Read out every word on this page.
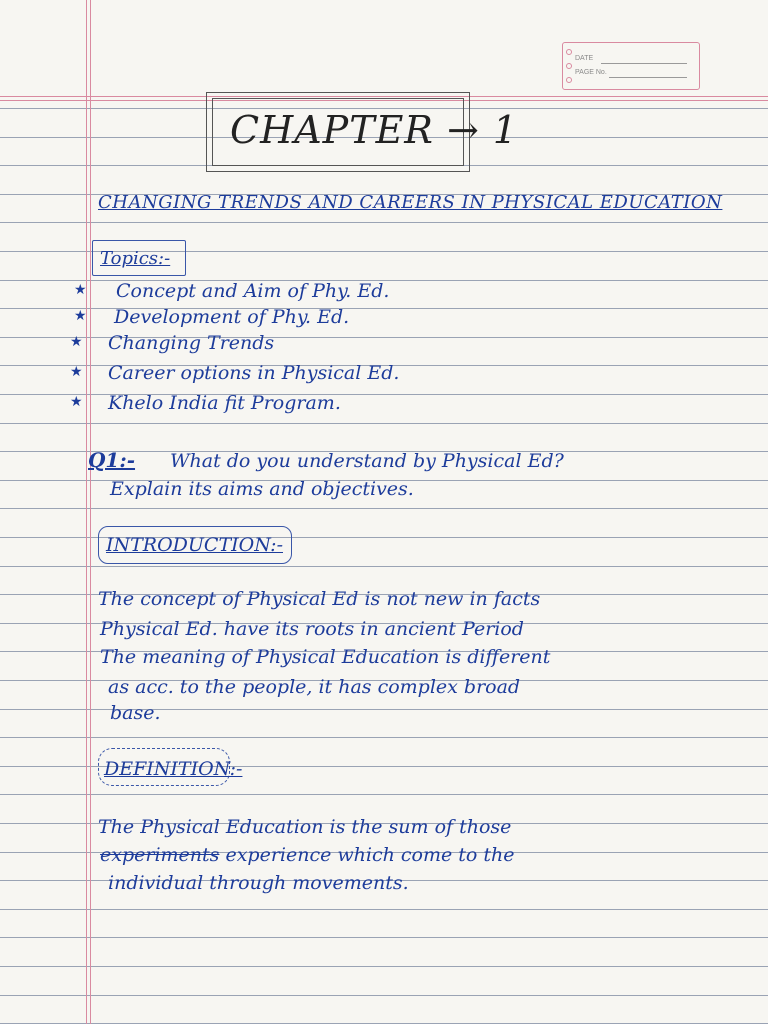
DATE
PAGE No.
CHAPTER → 1
CHANGING TRENDS AND CAREERS IN PHYSICAL EDUCATION
Topics:-
★ Concept and Aim of Phy. Ed.
★ Development of Phy. Ed.
★ Changing Trends
★ Career options in Physical Ed.
★ Khelo India fit Program.
Q1:- What do you understand by Physical Ed?
Explain its aims and objectives.
INTRODUCTION:-
The concept of Physical Ed is not new in facts
Physical Ed. have its roots in ancient Period
The meaning of Physical Education is different
as acc. to the people, it has complex broad
base.
DEFINITION:-
The Physical Education is the sum of those
experiments experience which come to the
individual through movements.
